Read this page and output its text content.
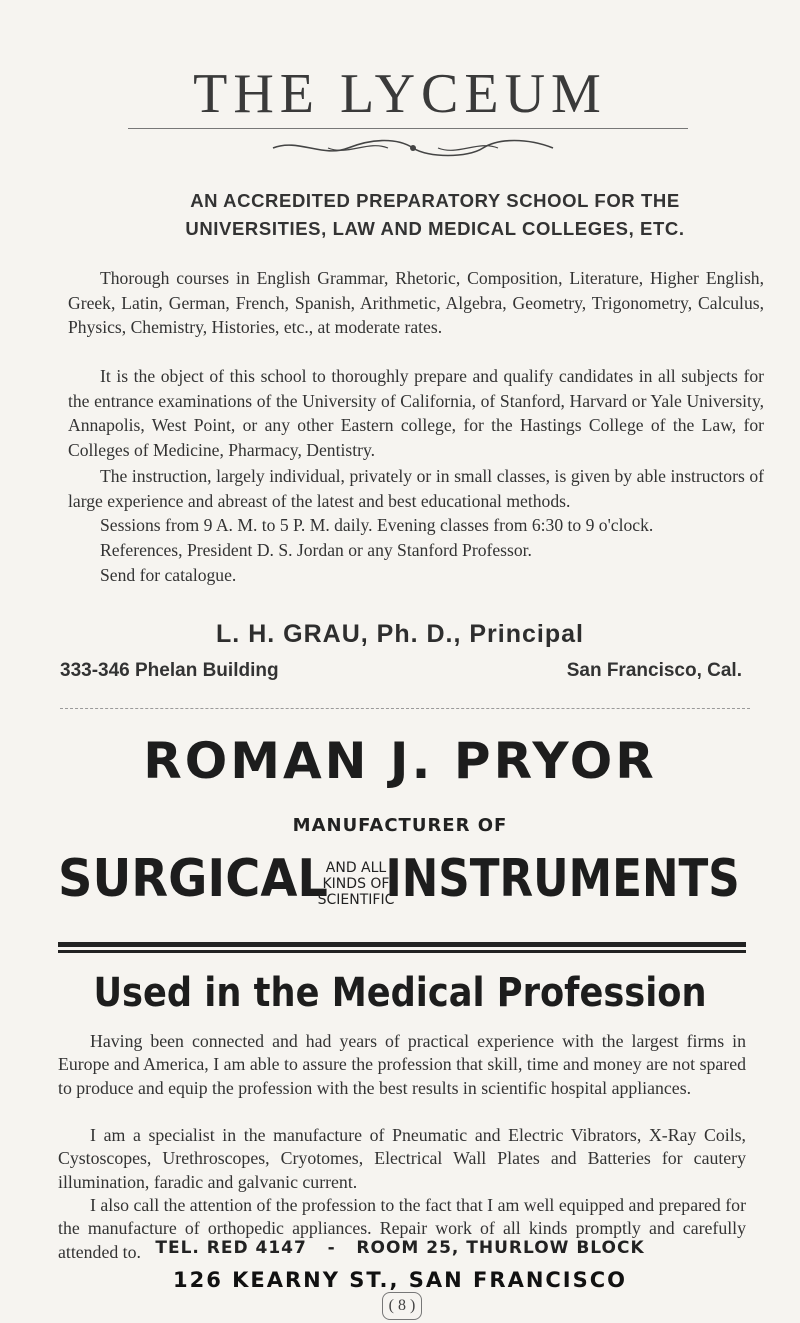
THE LYCEUM
AN ACCREDITED PREPARATORY SCHOOL FOR THE
UNIVERSITIES, LAW AND MEDICAL COLLEGES, ETC.

Thorough courses in English Grammar, Rhetoric, Composition, Literature, Higher English, Greek, Latin, German, French, Spanish, Arithmetic, Algebra, Geometry, Trigonometry, Calculus, Physics, Chemistry, Histories, etc., at moderate rates.

It is the object of this school to thoroughly prepare and qualify candidates in all subjects for the entrance examinations of the University of California, of Stanford, Harvard or Yale University, Annapolis, West Point, or any other Eastern college, for the Hastings College of the Law, for Colleges of Medicine, Pharmacy, Dentistry.

The instruction, largely individual, privately or in small classes, is given by able instructors of large experience and abreast of the latest and best educational methods.

Sessions from 9 A. M. to 5 P. M. daily. Evening classes from 6:30 to 9 o'clock.
References, President D. S. Jordan or any Stanford Professor.
Send for catalogue.
L. H. GRAU, Ph. D., Principal
333-346 Phelan Building	San Francisco, Cal.
ROMAN J. PRYOR
MANUFACTURER OF
SURGICAL
AND ALL KINDS OF
SCIENTIFIC
INSTRUMENTS
Used in the Medical Profession

Having been connected and had years of practical experience with the largest firms in Europe and America, I am able to assure the profession that skill, time and money are not spared to produce and equip the profession with the best results in scientific hospital appliances.

I am a specialist in the manufacture of Pneumatic and Electric Vibrators, X-Ray Coils, Cystoscopes, Urethroscopes, Cryotomes, Electrical Wall Plates and Batteries for cautery illumination, faradic and galvanic current.

I also call the attention of the profession to the fact that I am well equipped and prepared for the manufacture of orthopedic appliances. Repair work of all kinds promptly and carefully attended to. TEL. RED 4147   -   ROOM 25, THURLOW BLOCK
126 KEARNY ST., SAN FRANCISCO
( 8 )
